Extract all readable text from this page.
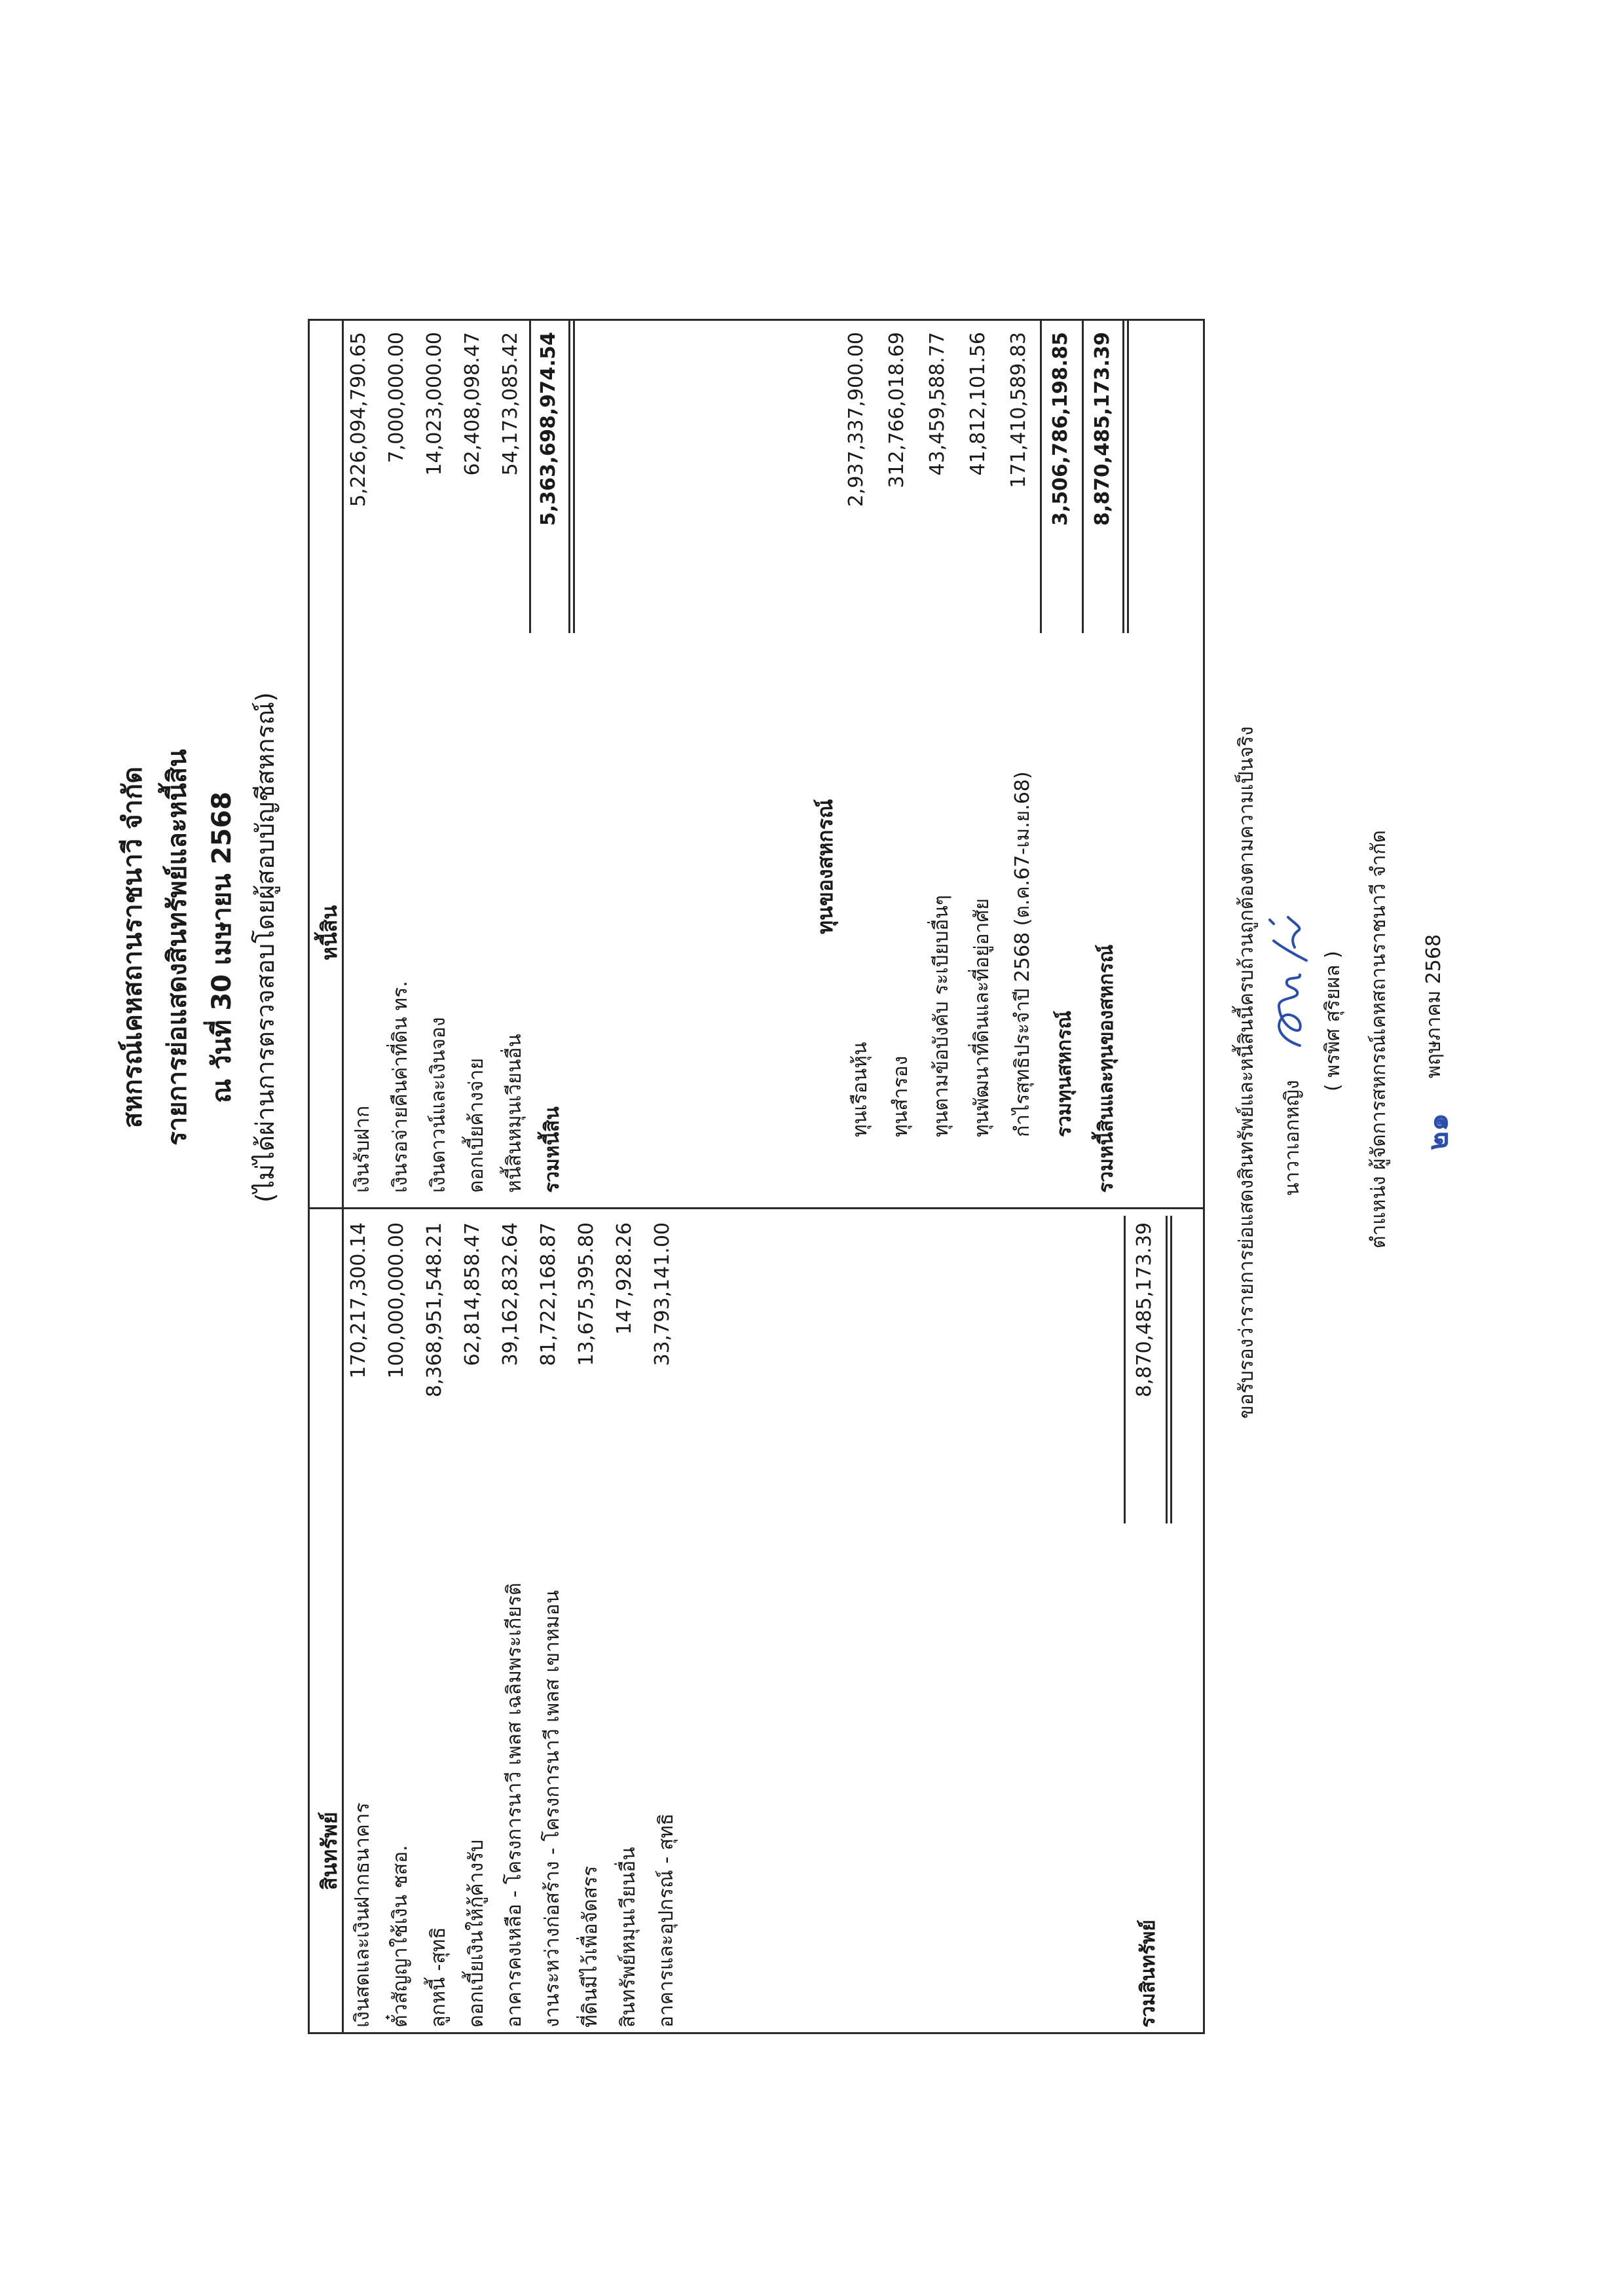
สหกรณ์เคหสถานราชนาวี จำกัด รายการย่อแสดงสินทรัพย์และหนี้สิน ณ วันที่ 30 เมษายน 2568 (ไม่ได้ผ่านการตรวจสอบโดยผู้สอบบัญชีสหกรณ์)
สินทรัพย์
หนี้สิน
เงินสดและเงินฝากธนาคาร
170,217,300.14
ตั๋วสัญญาใช้เงิน ชสอ.
100,000,000.00
ลูกหนี้ -สุทธิ
8,368,951,548.21
ดอกเบี้ยเงินให้กู้ค้างรับ
62,814,858.47
อาคารคงเหลือ - โครงการนาวี เพลส เฉลิมพระเกียรติ
39,162,832.64
งานระหว่างก่อสร้าง - โครงการนาวี เพลส เขาหมอน
81,722,168.87
ที่ดินมีไว้เพื่อจัดสรร
13,675,395.80
สินทรัพย์หมุนเวียนอื่น
147,928.26
อาคารและอุปกรณ์ - สุทธิ
33,793,141.00
รวมสินทรัพย์
8,870,485,173.39
เงินรับฝาก
5,226,094,790.65
เงินรอจ่ายคืนค่าที่ดิน ทร.
7,000,000.00
เงินดาวน์และเงินจอง
14,023,000.00
ดอกเบี้ยค้างจ่าย
62,408,098.47
หนี้สินหมุนเวียนอื่น
54,173,085.42
รวมหนี้สิน
5,363,698,974.54
ทุนของสหกรณ์
ทุนเรือนหุ้น
2,937,337,900.00
ทุนสำรอง
312,766,018.69
ทุนตามข้อบังคับ ระเบียบอื่นๆ
43,459,588.77
ทุนพัฒนาที่ดินและที่อยู่อาศัย
41,812,101.56
กำไรสุทธิประจำปี 2568 (ต.ค.67-เม.ย.68)
171,410,589.83
รวมทุนสหกรณ์
3,506,786,198.85
รวมหนี้สินและทุนของสหกรณ์
8,870,485,173.39
ขอรับรองว่ารายการย่อแสดงสินทรัพย์และหนี้สินนี้ครบถ้วนถูกต้องตามความเป็นจริง นาวาเอกหญิง
( พรพิศ สุริยผล ) ตำแหน่ง ผู้จัดการสหกรณ์เคหสถานราชนาวี จำกัด ๒๑
พฤษภาคม 2568
